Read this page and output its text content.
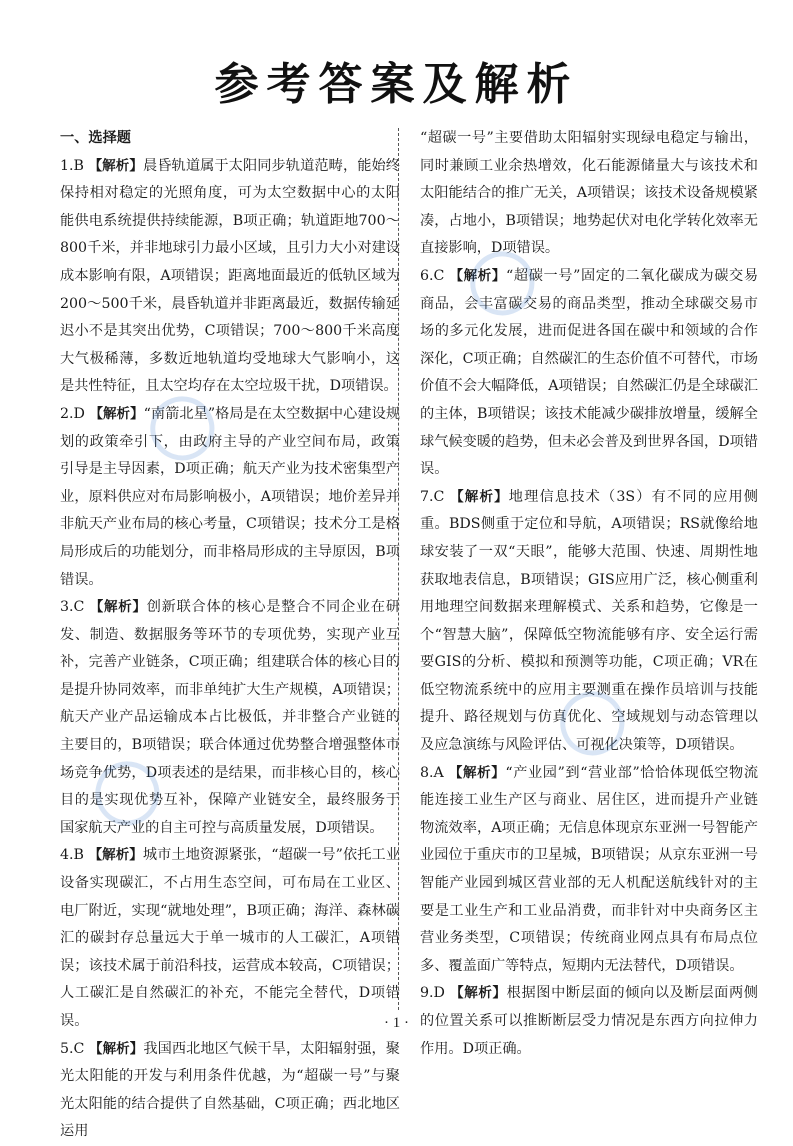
参考答案及解析

一、选择题

1.B 【解析】晨昏轨道属于太阳同步轨道范畴，能始终保持相对稳定的光照角度，可为太空数据中心的太阳能供电系统提供持续能源，B项正确；轨道距地700～800千米，并非地球引力最小区域，且引力大小对建设成本影响有限，A项错误；距离地面最近的低轨区域为200～500千米，晨昏轨道并非距离最近，数据传输延迟小不是其突出优势，C项错误；700～800千米高度大气极稀薄，多数近地轨道均受地球大气影响小，这是共性特征，且太空均存在太空垃圾干扰，D项错误。
2.D 【解析】“南箭北星”格局是在太空数据中心建设规划的政策牵引下，由政府主导的产业空间布局，政策引导是主导因素，D项正确；航天产业为技术密集型产业，原料供应对布局影响极小，A项错误；地价差异并非航天产业布局的核心考量，C项错误；技术分工是格局形成后的功能划分，而非格局形成的主导原因，B项错误。
3.C 【解析】创新联合体的核心是整合不同企业在研发、制造、数据服务等环节的专项优势，实现产业互补，完善产业链条，C项正确；组建联合体的核心目的是提升协同效率，而非单纯扩大生产规模，A项错误；航天产业产品运输成本占比极低，并非整合产业链的主要目的，B项错误；联合体通过优势整合增强整体市场竞争优势，D项表述的是结果，而非核心目的，核心目的是实现优势互补，保障产业链安全，最终服务于国家航天产业的自主可控与高质量发展，D项错误。
4.B 【解析】城市土地资源紧张，“超碳一号”依托工业设备实现碳汇，不占用生态空间，可布局在工业区、电厂附近，实现“就地处理”，B项正确；海洋、森林碳汇的碳封存总量远大于单一城市的人工碳汇，A项错误；该技术属于前沿科技，运营成本较高，C项错误；人工碳汇是自然碳汇的补充，不能完全替代，D项错误。
5.C 【解析】我国西北地区气候干旱，太阳辐射强，聚光太阳能的开发与利用条件优越，为“超碳一号”与聚光太阳能的结合提供了自然基础，C项正确；西北地区运用

“超碳一号”主要借助太阳辐射实现绿电稳定与输出，同时兼顾工业余热增效，化石能源储量大与该技术和太阳能结合的推广无关，A项错误；该技术设备规模紧凑，占地小，B项错误；地势起伏对电化学转化效率无直接影响，D项错误。

6.C 【解析】“超碳一号”固定的二氧化碳成为碳交易商品，会丰富碳交易的商品类型，推动全球碳交易市场的多元化发展，进而促进各国在碳中和领域的合作深化，C项正确；自然碳汇的生态价值不可替代，市场价值不会大幅降低，A项错误；自然碳汇仍是全球碳汇的主体，B项错误；该技术能减少碳排放增量，缓解全球气候变暖的趋势，但未必会普及到世界各国，D项错误。
7.C 【解析】地理信息技术（3S）有不同的应用侧重。BDS侧重于定位和导航，A项错误；RS就像给地球安装了一双“天眼”，能够大范围、快速、周期性地获取地表信息，B项错误；GIS应用广泛，核心侧重利用地理空间数据来理解模式、关系和趋势，它像是一个“智慧大脑”，保障低空物流能够有序、安全运行需要GIS的分析、模拟和预测等功能，C项正确；VR在低空物流系统中的应用主要测重在操作员培训与技能提升、路径规划与仿真优化、空域规划与动态管理以及应急演练与风险评估、可视化决策等，D项错误。
8.A 【解析】“产业园”到“营业部”恰恰体现低空物流能连接工业生产区与商业、居住区，进而提升产业链物流效率，A项正确；无信息体现京东亚洲一号智能产业园位于重庆市的卫星城，B项错误；从京东亚洲一号智能产业园到城区营业部的无人机配送航线针对的主要是工业生产和工业品消费，而非针对中央商务区主营业务类型，C项错误；传统商业网点具有布局点位多、覆盖面广等特点，短期内无法替代，D项错误。
9.D 【解析】根据图中断层面的倾向以及断层面两侧的位置关系可以推断断层受力情况是东西方向拉伸力作用。D项正确。
· 1 ·
